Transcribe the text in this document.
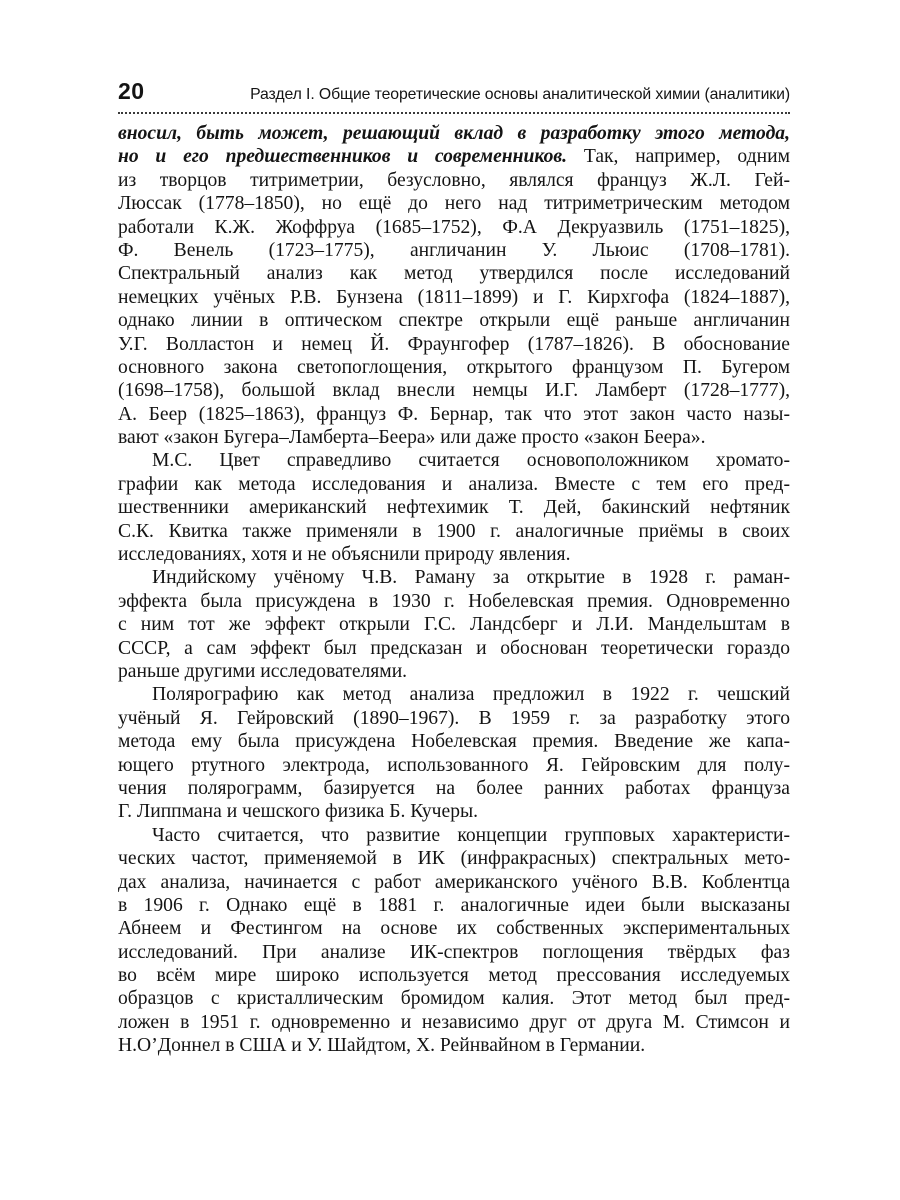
20	Раздел I. Общие теоретические основы аналитической химии (аналитики)

вносил, быть может, решающий вклад в разработку этого метода,
но и его предшественников и современников. Так, например, одним
из творцов титриметрии, безусловно, являлся француз Ж.Л. Гей-
Люссак (1778–1850), но ещё до него над титриметрическим методом
работали К.Ж. Жоффруа (1685–1752), Ф.А Декруазвиль (1751–1825),
Ф. Венель (1723–1775), англичанин У. Льюис (1708–1781).
Спектральный анализ как метод утвердился после исследований
немецких учёных Р.В. Бунзена (1811–1899) и Г. Кирхгофа (1824–1887),
однако линии в оптическом спектре открыли ещё раньше англичанин
У.Г. Волластон и немец Й. Фраунгофер (1787–1826). В обоснование
основного закона светопоглощения, открытого французом П. Бугером
(1698–1758), большой вклад внесли немцы И.Г. Ламберт (1728–1777),
А. Беер (1825–1863), француз Ф. Бернар, так что этот закон часто назы-
вают «закон Бугера–Ламберта–Беера» или даже просто «закон Беера».

М.С. Цвет справедливо считается основоположником хромато-
графии как метода исследования и анализа. Вместе с тем его пред-
шественники американский нефтехимик Т. Дей, бакинский нефтяник
С.К. Квитка также применяли в 1900 г. аналогичные приёмы в своих
исследованиях, хотя и не объяснили природу явления.

Индийскому учёному Ч.В. Раману за открытие в 1928 г. раман-
эффекта была присуждена в 1930 г. Нобелевская премия. Одновременно
с ним тот же эффект открыли Г.С. Ландсберг и Л.И. Мандельштам в
СССР, а сам эффект был предсказан и обоснован теоретически гораздо
раньше другими исследователями.

Полярографию как метод анализа предложил в 1922 г. чешский
учёный Я. Гейровский (1890–1967). В 1959 г. за разработку этого
метода ему была присуждена Нобелевская премия. Введение же капа-
ющего ртутного электрода, использованного Я. Гейровским для полу-
чения полярограмм, базируется на более ранних работах француза
Г. Липпмана и чешского физика Б. Кучеры.

Часто считается, что развитие концепции групповых характеристи-
ческих частот, применяемой в ИК (инфракрасных) спектральных мето-
дах анализа, начинается с работ американского учёного В.В. Коблентца
в 1906 г. Однако ещё в 1881 г. аналогичные идеи были высказаны
Абнеем и Фестингом на основе их собственных экспериментальных
исследований. При анализе ИК-спектров поглощения твёрдых фаз
во всём мире широко используется метод прессования исследуемых
образцов с кристаллическим бромидом калия. Этот метод был пред-
ложен в 1951 г. одновременно и независимо друг от друга М. Стимсон и
Н.О’Доннел в США и У. Шайдтом, Х. Рейнвайном в Германии.
